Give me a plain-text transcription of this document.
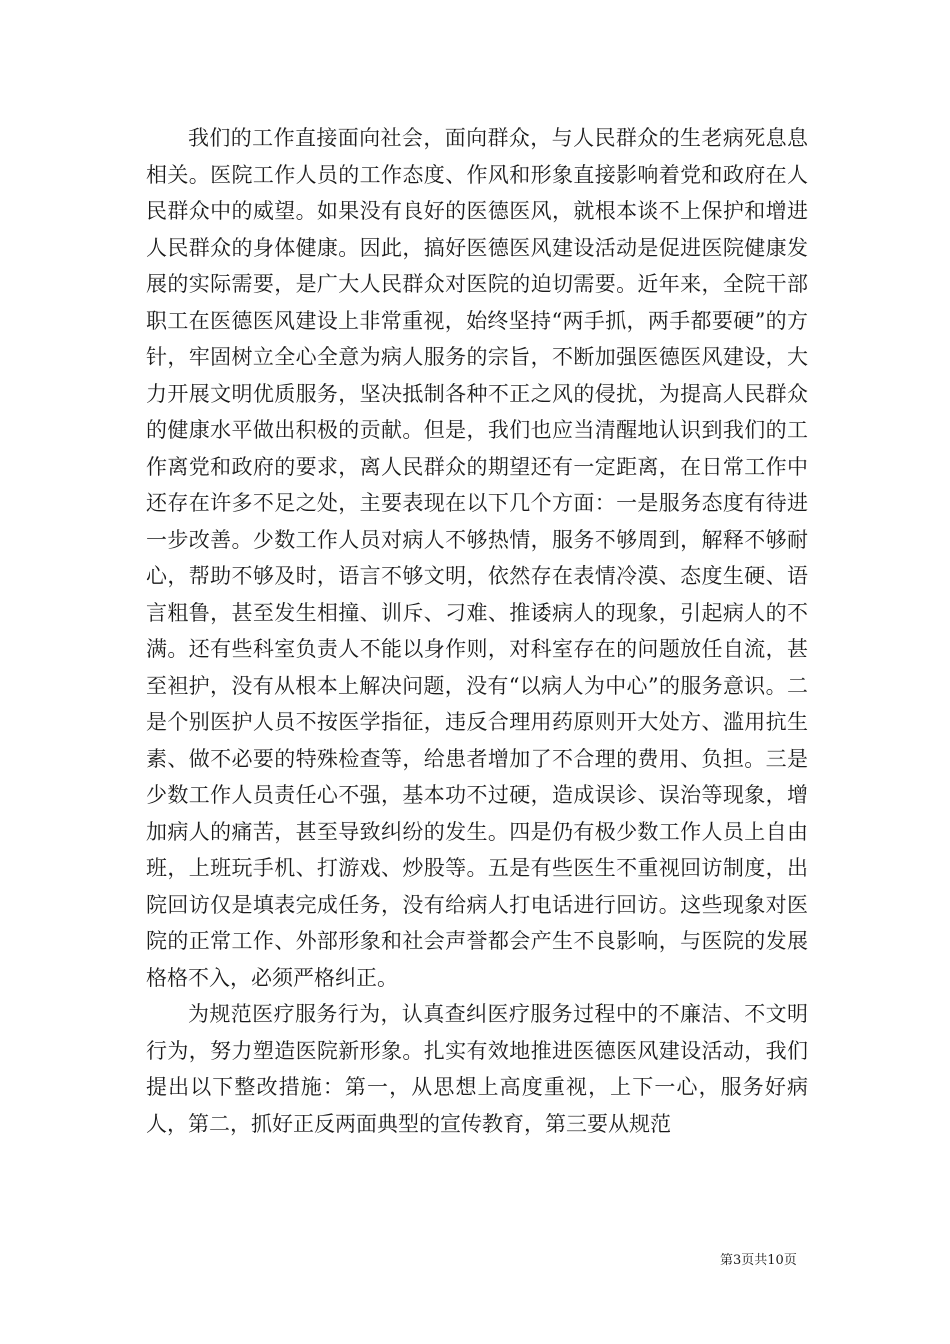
我们的工作直接面向社会，面向群众，与人民群众的生老病死息息相关。医院工作人员的工作态度、作风和形象直接影响着党和政府在人民群众中的威望。如果没有良好的医德医风，就根本谈不上保护和增进人民群众的身体健康。因此，搞好医德医风建设活动是促进医院健康发展的实际需要，是广大人民群众对医院的迫切需要。近年来，全院干部职工在医德医风建设上非常重视，始终坚持“两手抓，两手都要硬”的方针，牢固树立全心全意为病人服务的宗旨，不断加强医德医风建设，大力开展文明优质服务，坚决抵制各种不正之风的侵扰，为提高人民群众的健康水平做出积极的贡献。但是，我们也应当清醒地认识到我们的工作离党和政府的要求，离人民群众的期望还有一定距离，在日常工作中还存在许多不足之处，主要表现在以下几个方面：一是服务态度有待进一步改善。少数工作人员对病人不够热情，服务不够周到，解释不够耐心，帮助不够及时，语言不够文明，依然存在表情冷漠、态度生硬、语言粗鲁，甚至发生相撞、训斥、刁难、推诿病人的现象，引起病人的不满。还有些科室负责人不能以身作则，对科室存在的问题放任自流，甚至袒护，没有从根本上解决问题，没有“以病人为中心”的服务意识。二是个别医护人员不按医学指征，违反合理用药原则开大处方、滥用抗生素、做不必要的特殊检查等，给患者增加了不合理的费用、负担。三是少数工作人员责任心不强，基本功不过硬，造成误诊、误治等现象，增加病人的痛苦，甚至导致纠纷的发生。四是仍有极少数工作人员上自由班，上班玩手机、打游戏、炒股等。五是有些医生不重视回访制度，出院回访仅是填表完成任务，没有给病人打电话进行回访。这些现象对医院的正常工作、外部形象和社会声誉都会产生不良影响，与医院的发展格格不入，必须严格纠正。

为规范医疗服务行为，认真查纠医疗服务过程中的不廉洁、不文明行为，努力塑造医院新形象。扎实有效地推进医德医风建设活动，我们提出以下整改措施：第一，从思想上高度重视，上下一心，服务好病人，第二，抓好正反两面典型的宣传教育，第三要从规范

第3页共10页
